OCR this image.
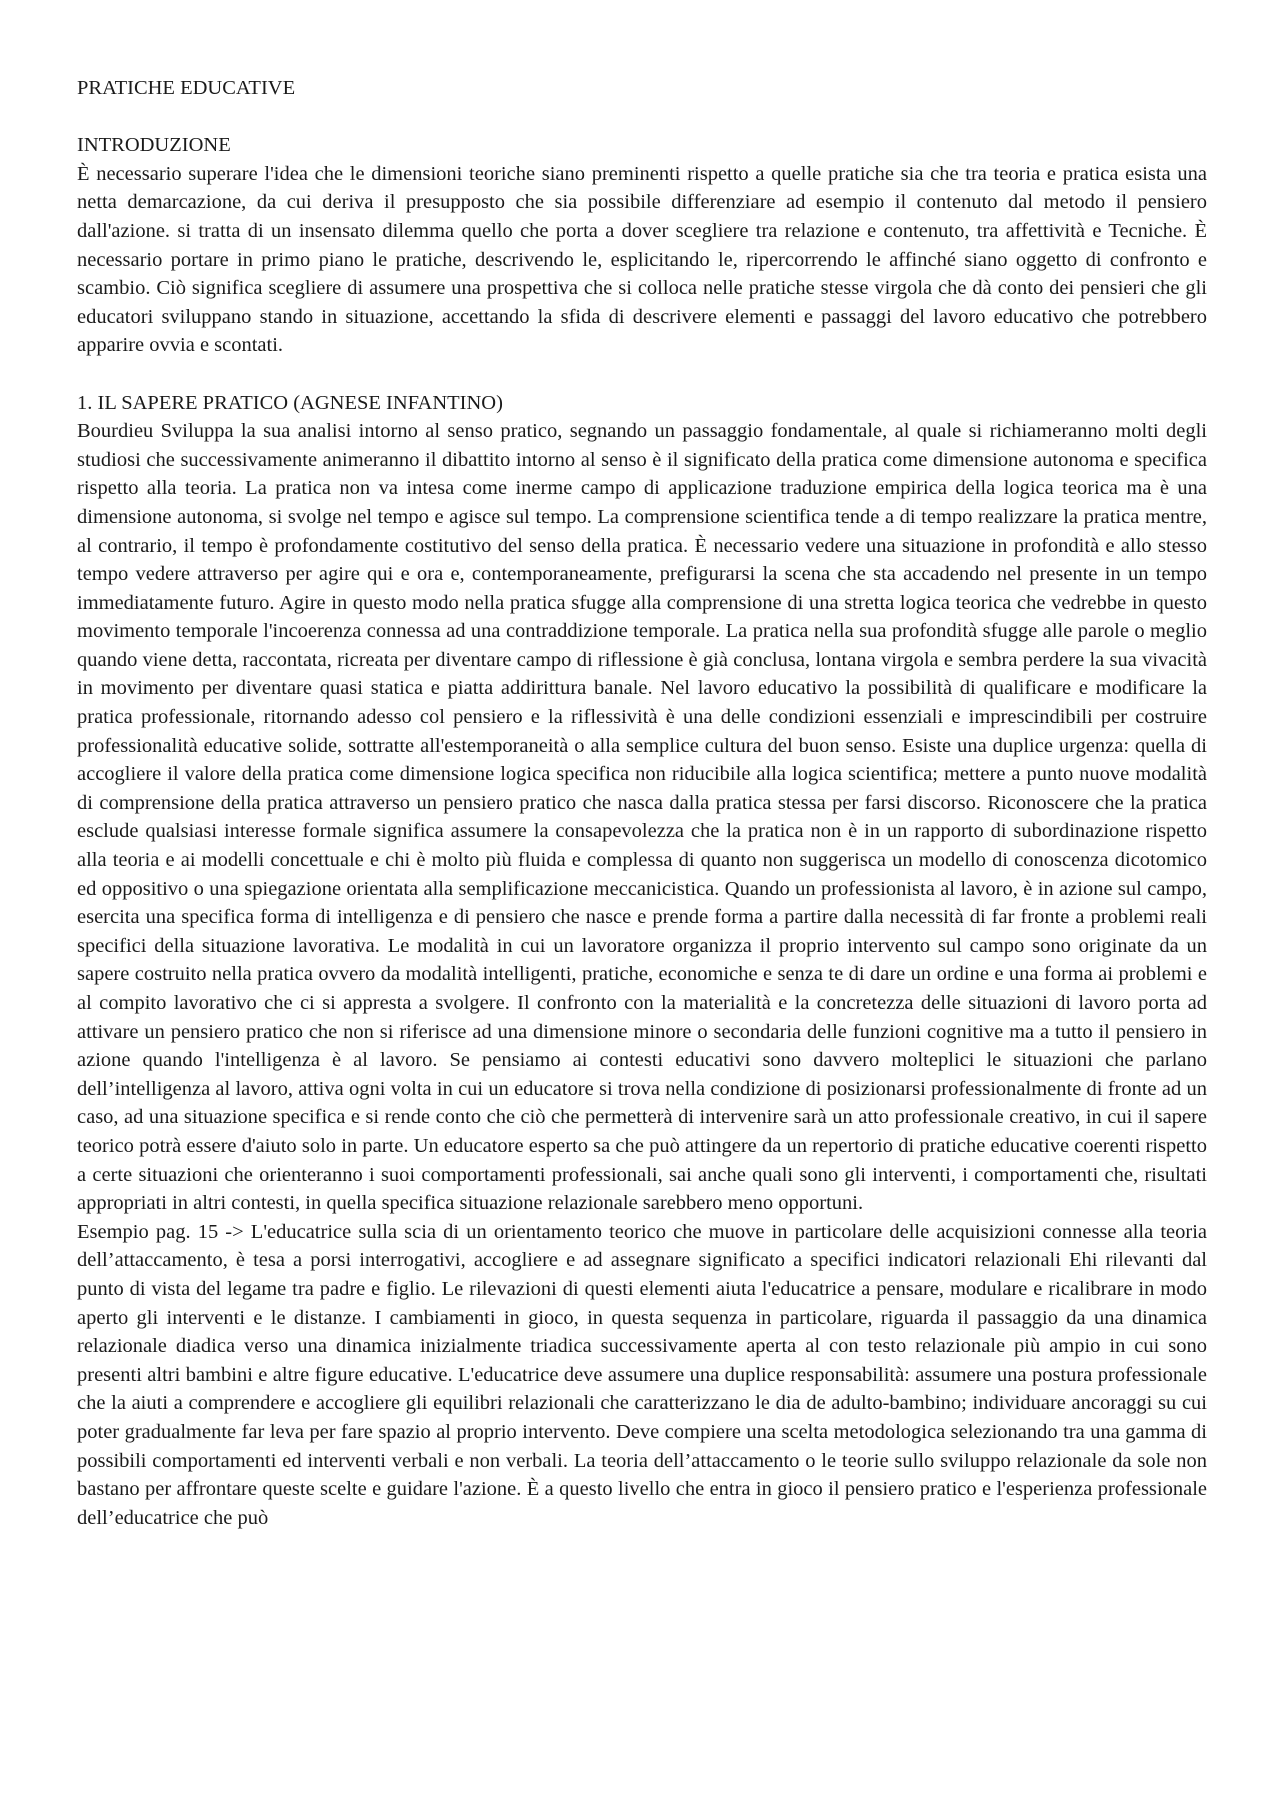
PRATICHE EDUCATIVE

INTRODUZIONE

È necessario superare l'idea che le dimensioni teoriche siano preminenti rispetto a quelle pratiche sia che tra teoria e pratica esista una netta demarcazione, da cui deriva il presupposto che sia possibile differenziare ad esempio il contenuto dal metodo il pensiero dall'azione. si tratta di un insensato dilemma quello che porta a dover scegliere tra relazione e contenuto, tra affettività e Tecniche. È necessario portare in primo piano le pratiche, descrivendo le, esplicitando le, ripercorrendo le affinché siano oggetto di confronto e scambio. Ciò significa scegliere di assumere una prospettiva che si colloca nelle pratiche stesse virgola che dà conto dei pensieri che gli educatori sviluppano stando in situazione, accettando la sfida di descrivere elementi e passaggi del lavoro educativo che potrebbero apparire ovvia e scontati.

1. IL SAPERE PRATICO (AGNESE INFANTINO)

Bourdieu Sviluppa la sua analisi intorno al senso pratico, segnando un passaggio fondamentale, al quale si richiameranno molti degli studiosi che successivamente animeranno il dibattito intorno al senso è il significato della pratica come dimensione autonoma e specifica rispetto alla teoria. La pratica non va intesa come inerme campo di applicazione traduzione empirica della logica teorica ma è una dimensione autonoma, si svolge nel tempo e agisce sul tempo. La comprensione scientifica tende a di tempo realizzare la pratica mentre, al contrario, il tempo è profondamente costitutivo del senso della pratica. È necessario vedere una situazione in profondità e allo stesso tempo vedere attraverso per agire qui e ora e, contemporaneamente, prefigurarsi la scena che sta accadendo nel presente in un tempo immediatamente futuro. Agire in questo modo nella pratica sfugge alla comprensione di una stretta logica teorica che vedrebbe in questo movimento temporale l'incoerenza connessa ad una contraddizione temporale. La pratica nella sua profondità sfugge alle parole o meglio quando viene detta, raccontata, ricreata per diventare campo di riflessione è già conclusa, lontana virgola e sembra perdere la sua vivacità in movimento per diventare quasi statica e piatta addirittura banale. Nel lavoro educativo la possibilità di qualificare e modificare la pratica professionale, ritornando adesso col pensiero e la riflessività è una delle condizioni essenziali e imprescindibili per costruire professionalità educative solide, sottratte all'estemporaneità o alla semplice cultura del buon senso. Esiste una duplice urgenza: quella di accogliere il valore della pratica come dimensione logica specifica non riducibile alla logica scientifica; mettere a punto nuove modalità di comprensione della pratica attraverso un pensiero pratico che nasca dalla pratica stessa per farsi discorso. Riconoscere che la pratica esclude qualsiasi interesse formale significa assumere la consapevolezza che la pratica non è in un rapporto di subordinazione rispetto alla teoria e ai modelli concettuale e chi è molto più fluida e complessa di quanto non suggerisca un modello di conoscenza dicotomico ed oppositivo o una spiegazione orientata alla semplificazione meccanicistica. Quando un professionista al lavoro, è in azione sul campo, esercita una specifica forma di intelligenza e di pensiero che nasce e prende forma a partire dalla necessità di far fronte a problemi reali specifici della situazione lavorativa. Le modalità in cui un lavoratore organizza il proprio intervento sul campo sono originate da un sapere costruito nella pratica ovvero da modalità intelligenti, pratiche, economiche e senza te di dare un ordine e una forma ai problemi e al compito lavorativo che ci si appresta a svolgere. Il confronto con la materialità e la concretezza delle situazioni di lavoro porta ad attivare un pensiero pratico che non si riferisce ad una dimensione minore o secondaria delle funzioni cognitive ma a tutto il pensiero in azione quando l'intelligenza è al lavoro. Se pensiamo ai contesti educativi sono davvero molteplici le situazioni che parlano dell’intelligenza al lavoro, attiva ogni volta in cui un educatore si trova nella condizione di posizionarsi professionalmente di fronte ad un caso, ad una situazione specifica e si rende conto che ciò che permetterà di intervenire sarà un atto professionale creativo, in cui il sapere teorico potrà essere d'aiuto solo in parte. Un educatore esperto sa che può attingere da un repertorio di pratiche educative coerenti rispetto a certe situazioni che orienteranno i suoi comportamenti professionali, sai anche quali sono gli interventi, i comportamenti che, risultati appropriati in altri contesti, in quella specifica situazione relazionale sarebbero meno opportuni.

Esempio pag. 15 -> L'educatrice sulla scia di un orientamento teorico che muove in particolare delle acquisizioni connesse alla teoria dell’attaccamento, è tesa a porsi interrogativi, accogliere e ad assegnare significato a specifici indicatori relazionali Ehi rilevanti dal punto di vista del legame tra padre e figlio. Le rilevazioni di questi elementi aiuta l'educatrice a pensare, modulare e ricalibrare in modo aperto gli interventi e le distanze. I cambiamenti in gioco, in questa sequenza in particolare, riguarda il passaggio da una dinamica relazionale diadica verso una dinamica inizialmente triadica successivamente aperta al con testo relazionale più ampio in cui sono presenti altri bambini e altre figure educative. L'educatrice deve assumere una duplice responsabilità: assumere una postura professionale che la aiuti a comprendere e accogliere gli equilibri relazionali che caratterizzano le dia de adulto-bambino; individuare ancoraggi su cui poter gradualmente far leva per fare spazio al proprio intervento. Deve compiere una scelta metodologica selezionando tra una gamma di possibili comportamenti ed interventi verbali e non verbali. La teoria dell’attaccamento o le teorie sullo sviluppo relazionale da sole non bastano per affrontare queste scelte e guidare l'azione. È a questo livello che entra in gioco il pensiero pratico e l'esperienza professionale dell’educatrice che può
